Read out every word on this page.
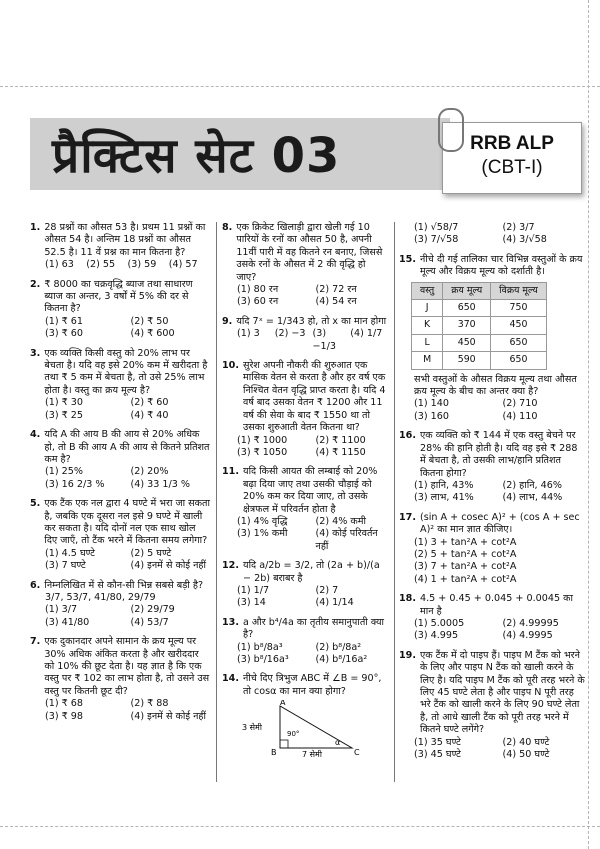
प्रैक्टिस सेट 03	RRB ALP
(CBT-I)
1. 28 प्रश्नों का औसत 53 है। प्रथम 11 प्रश्नों का औसत 54 है। अन्तिम 18 प्रश्नों का औसत 52.5 है। 11 वें प्रश्न का मान कितना है?
(1) 63	(2) 55	(3) 59	(4) 57
2. ₹ 8000 का चक्रवृद्धि ब्याज तथा साधारण ब्याज का अन्तर, 3 वर्षों में 5% की दर से कितना है?
(1) ₹ 61	(2) ₹ 50
(3) ₹ 60	(4) ₹ 600
3. एक व्यक्ति किसी वस्तु को 20% लाभ पर बेचता है। यदि वह इसे 20% कम में खरीदता है तथा ₹ 5 कम में बेचता है, तो उसे 25% लाभ होता है। वस्तु का क्रय मूल्य है?
(1) ₹ 30	(2) ₹ 60
(3) ₹ 25	(4) ₹ 40
4. यदि A की आय B की आय से 20% अधिक हो, तो B की आय A की आय से कितने प्रतिशत कम है?
(1) 25%	(2) 20%
(3) 16 2/3 %	(4) 33 1/3 %
5. एक टैंक एक नल द्वारा 4 घण्टे में भरा जा सकता है, जबकि एक दूसरा नल इसे 9 घण्टे में खाली कर सकता है। यदि दोनों नल एक साथ खोल दिए जाएँ, तो टैंक भरने में कितना समय लगेगा?
(1) 4.5 घण्टे	(2) 5 घण्टे
(3) 7 घण्टे	(4) इनमें से कोई नहीं
6. निम्नलिखित में से कौन-सी भिन्न सबसे बड़ी है?
3/7, 53/7, 41/80, 29/79
(1) 3/7	(2) 29/79
(3) 41/80	(4) 53/7
7. एक दुकानदार अपने सामान के क्रय मूल्य पर 30% अधिक अंकित करता है और खरीददार को 10% की छूट देता है। यह ज्ञात है कि एक वस्तु पर ₹ 102 का लाभ होता है, तो उसने उस वस्तु पर कितनी छूट दी?
(1) ₹ 68	(2) ₹ 88
(3) ₹ 98	(4) इनमें से कोई नहीं
8. एक क्रिकेट खिलाड़ी द्वारा खेली गई 10 पारियों के रनों का औसत 50 है, अपनी 11वीं पारी में वह कितने रन बनाए, जिससे उसके रनों के औसत में 2 की वृद्धि हो जाए?
(1) 80 रन	(2) 72 रन
(3) 60 रन	(4) 54 रन
9. यदि 7ˣ = 1/343 हो, तो x का मान होगा
(1) 3	(2) −3 (3) −1/3
(4) 1/7
10. सुरेश अपनी नौकरी की शुरुआत एक मासिक वेतन से करता है और हर वर्ष एक निश्चित वेतन वृद्धि प्राप्त करता है। यदि 4 वर्ष बाद उसका वेतन ₹ 1200 और 11 वर्ष की सेवा के बाद ₹ 1550 था तो उसका शुरुआती वेतन कितना था?
(1) ₹ 1000	(2) ₹ 1100
(3) ₹ 1050	(4) ₹ 1150
11. यदि किसी आयत की लम्बाई को 20% बढ़ा दिया जाए तथा उसकी चौड़ाई को 20% कम कर दिया जाए, तो उसके क्षेत्रफल में परिवर्तन होता है
(1) 4% वृद्धि	(2) 4% कमी
(3) 1% कमी	(4) कोई परिवर्तन नहीं
12. यदि a/2b = 3/2, तो (2a + b)/(a − 2b) बराबर है
(1) 1/7	(2) 7
(3) 14	(4) 1/14
13. a और b⁴/4a का तृतीय समानुपाती क्या है?
(1) b⁸/8a³	(2) b⁸/8a²
(3) b⁸/16a³	(4) b⁸/16a²
14. नीचे दिए त्रिभुज ABC में ∠B = 90°, तो cosα का मान क्या होगा?
A
B	C
3 सेमी
7 सेमी
90°
α
(1) √58/7	(2) 3/7
(3) 7/√58	(4) 3/√58
15. नीचे दी गई तालिका चार विभिन्न वस्तुओं के क्रय मूल्य और विक्रय मूल्य को दर्शाती है।
वस्तु	क्रय मूल्य	विक्रय मूल्य
J	650	750
K	370	450
L	450	650
M	590	650
सभी वस्तुओं के औसत विक्रय मूल्य तथा औसत क्रय मूल्य के बीच का अन्तर क्या है?
(1) 140	(2) 710
(3) 160	(4) 110
16. एक व्यक्ति को ₹ 144 में एक वस्तु बेचने पर 28% की हानि होती है। यदि वह इसे ₹ 288 में बेचता है, तो उसकी लाभ/हानि प्रतिशत कितना होगा?
(1) हानि, 43%	(2) हानि, 46%
(3) लाभ, 41%	(4) लाभ, 44%
17. (sin A + cosec A)² + (cos A + sec A)² का मान ज्ञात कीजिए।
(1) 3 + tan²A + cot²A
(2) 5 + tan²A + cot²A
(3) 7 + tan²A + cot²A
(4) 1 + tan²A + cot²A
18. 4.5 + 0.45 + 0.045 + 0.0045 का मान है
(1) 5.0005	(2) 4.99995
(3) 4.995	(4) 4.9995
19. एक टैंक में दो पाइप हैं। पाइप M टैंक को भरने के लिए और पाइप N टैंक को खाली करने के लिए है। यदि पाइप M टैंक को पूरी तरह भरने के लिए 45 घण्टे लेता है और पाइप N पूरी तरह भरे टैंक को खाली करने के लिए 90 घण्टे लेता है, तो आधे खाली टैंक को पूरी तरह भरने में कितने घण्टे लगेंगे?
(1) 35 घण्टे	(2) 40 घण्टे
(3) 45 घण्टे	(4) 50 घण्टे
